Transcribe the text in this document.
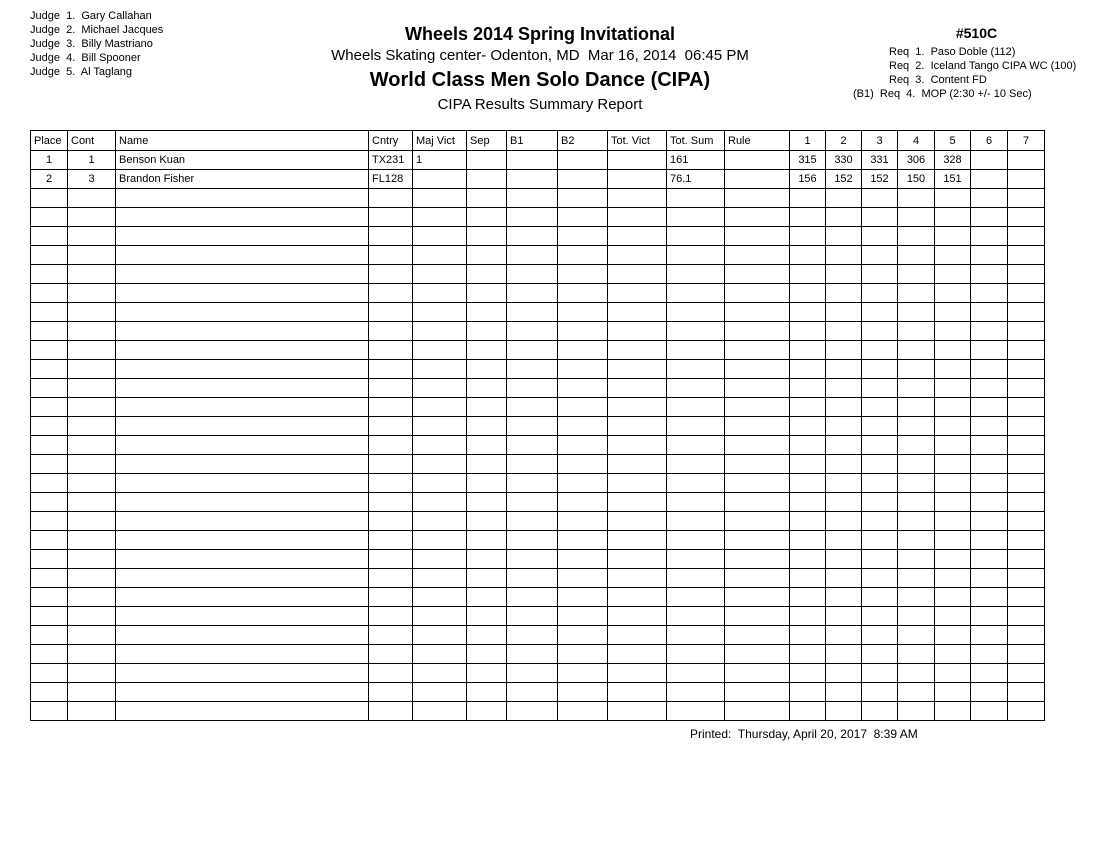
Judge  1.  Gary Callahan
Judge  2.  Michael Jacques
Judge  3.  Billy Mastriano
Judge  4.  Bill Spooner
Judge  5.  Al Taglang
Wheels 2014 Spring Invitational
Wheels Skating center- Odenton, MD  Mar 16, 2014  06:45 PM
World Class Men Solo Dance (CIPA)
CIPA Results Summary Report
#510C
Req  1.  Paso Doble (112)
Req  2.  Iceland Tango CIPA WC (100)
Req  3.  Content FD
(B1)  Req  4.  MOP (2:30 +/- 10 Sec)
Place	Cont	Name	Cntry	Maj Vict	Sep	B1	B2	Tot. Vict	Tot. Sum	Rule	1	2	3	4	5	6	7
1	1	Benson Kuan	TX231	1					161		315	330	331	306	328		
2	3	Brandon Fisher	FL128						76.1		156	152	152	150	151		

Printed:  Thursday, April 20, 2017  8:39 AM
